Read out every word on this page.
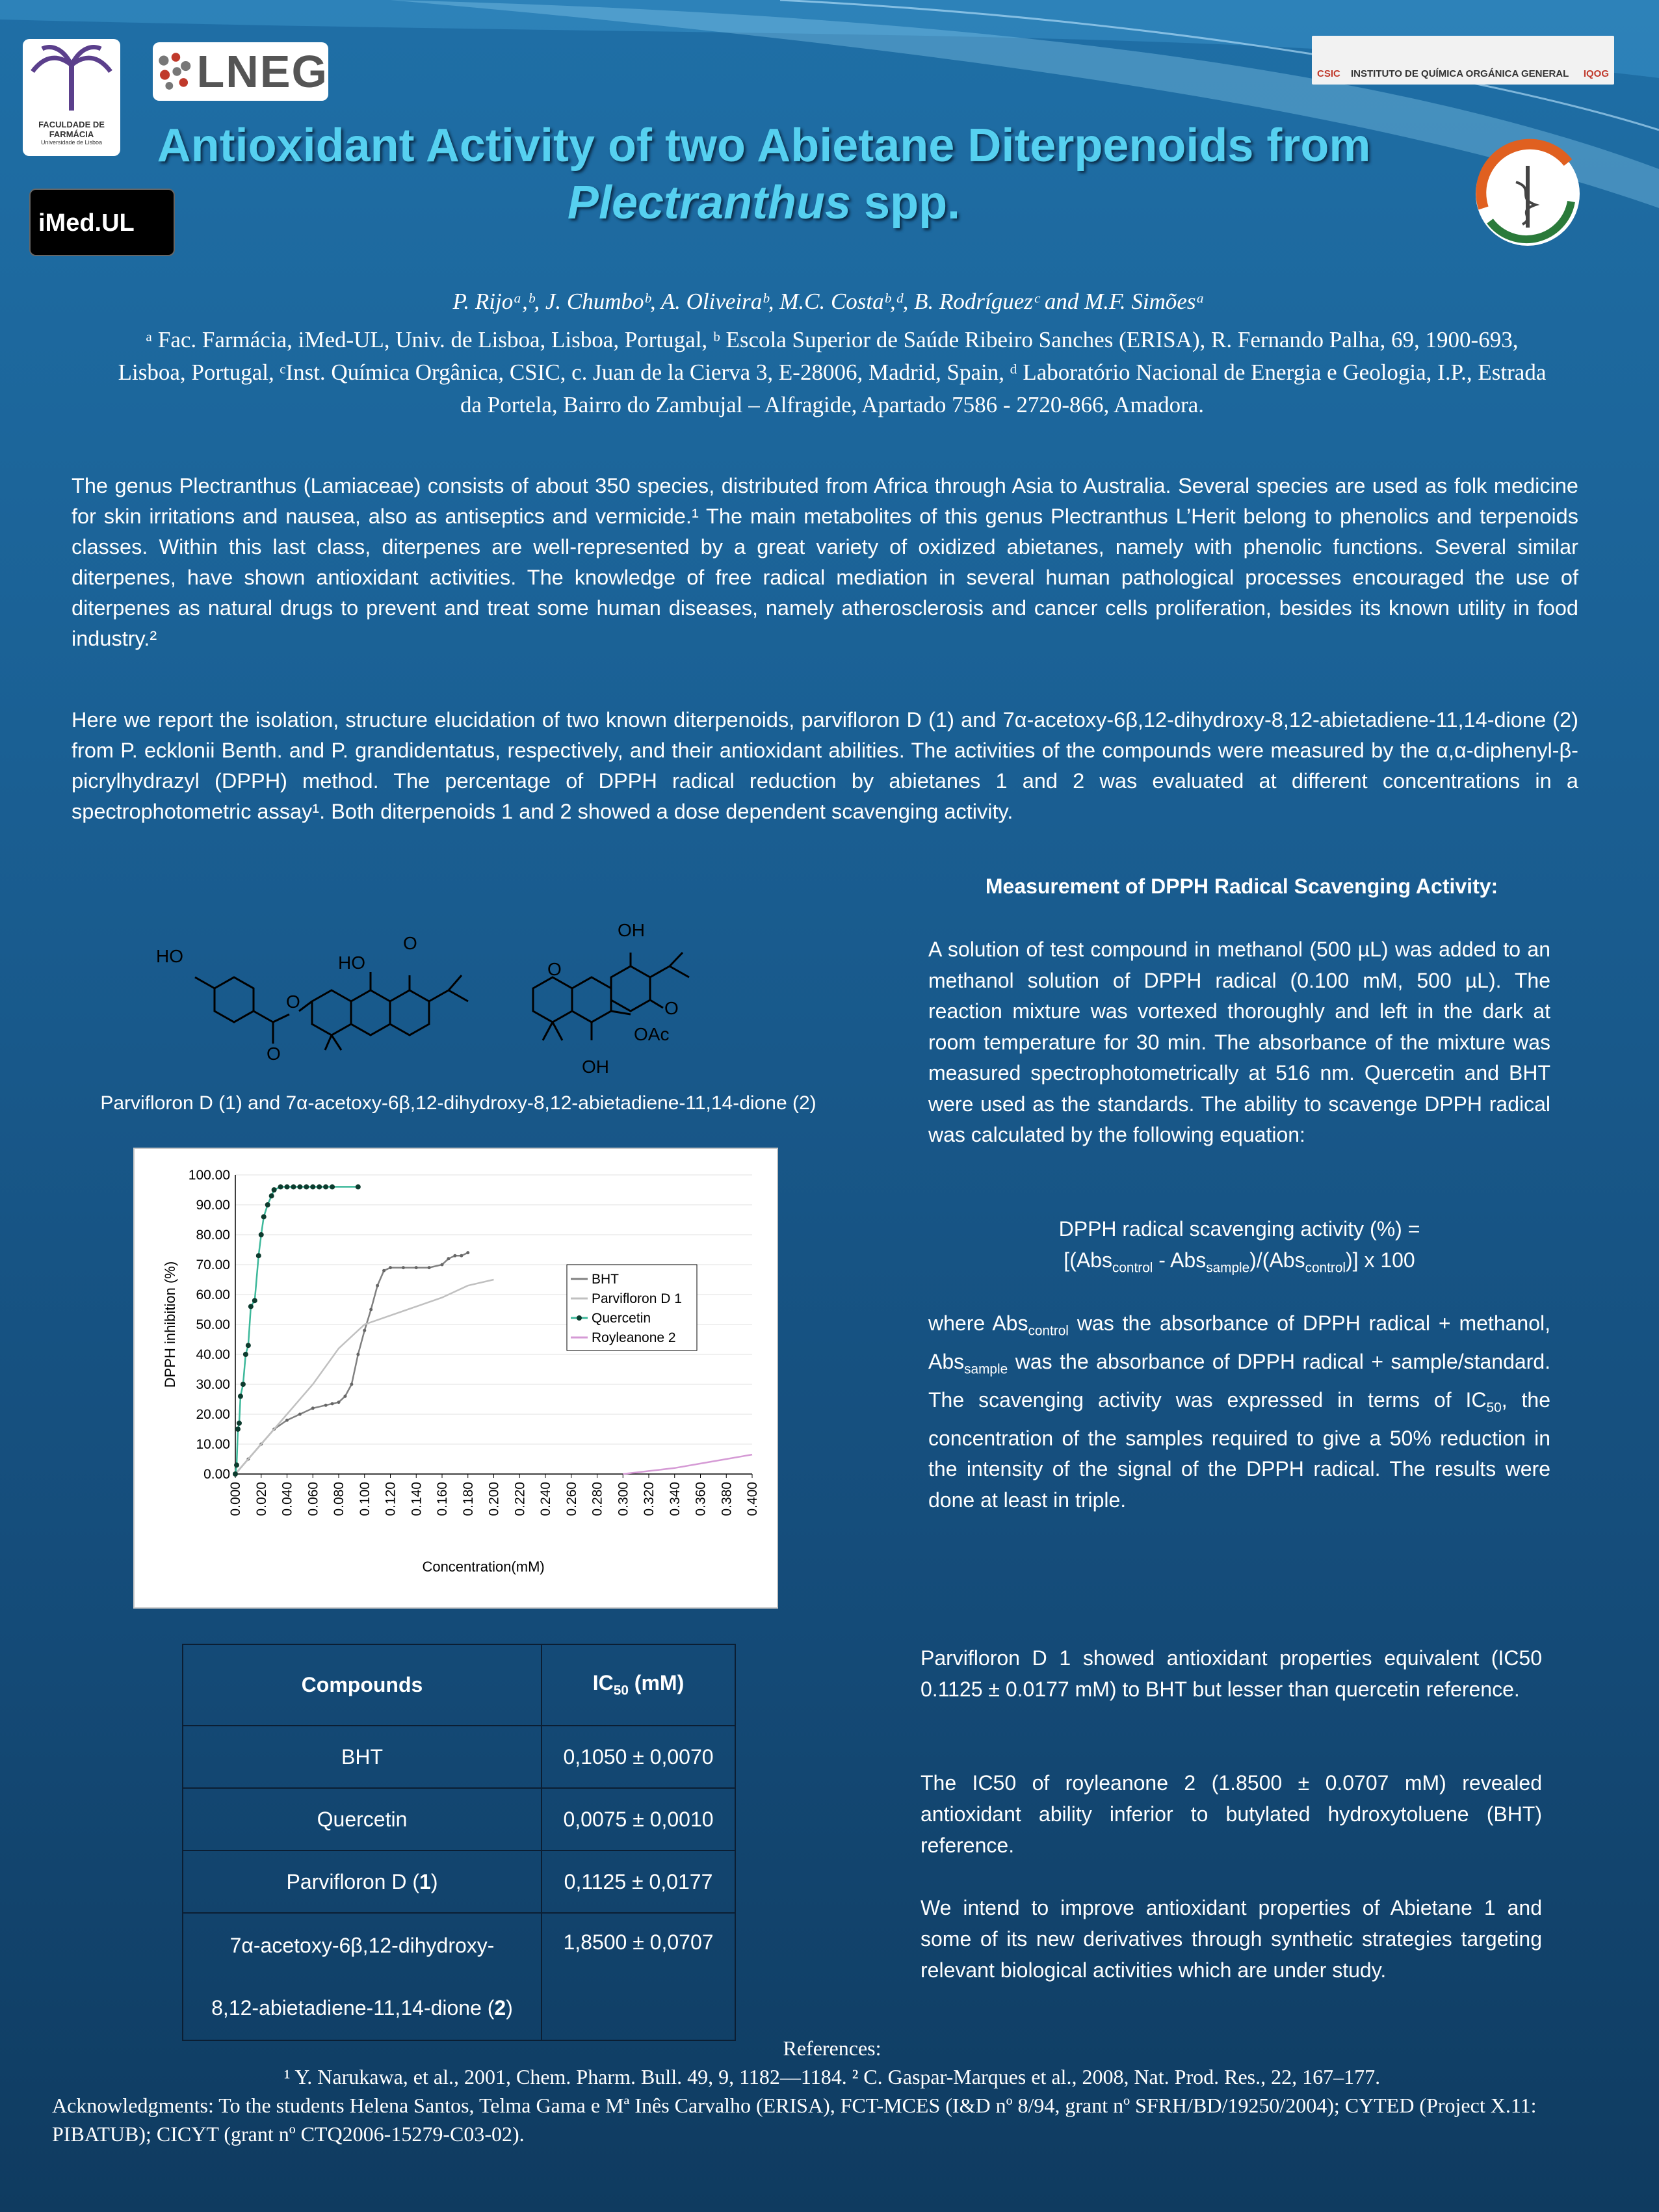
FACULDADE DE FARMÁCIA
Universidade de Lisboa
LNEG
iMed.UL
CSIC INSTITUTO DE QUÍMICA ORGÁNICA GENERAL IQOG
Antioxidant Activity of two Abietane Diterpenoids from
Plectranthus spp.
P. Rijoᵃ,ᵇ, J. Chumboᵇ, A. Oliveiraᵇ, M.C. Costaᵇ,ᵈ, B. Rodríguezᶜ and M.F. Simõesᵃ
ᵃ Fac. Farmácia, iMed-UL, Univ. de Lisboa, Lisboa, Portugal, ᵇ Escola Superior de Saúde Ribeiro Sanches (ERISA), R. Fernando Palha, 69, 1900-693, Lisboa, Portugal, ᶜInst. Química Orgânica, CSIC, c. Juan de la Cierva 3, E-28006, Madrid, Spain, ᵈ Laboratório Nacional de Energia e Geologia, I.P., Estrada da Portela, Bairro do Zambujal – Alfragide, Apartado 7586 - 2720-866, Amadora.
The genus Plectranthus (Lamiaceae) consists of about 350 species, distributed from Africa through Asia to Australia. Several species are used as folk medicine for skin irritations and nausea, also as antiseptics and vermicide.¹ The main metabolites of this genus Plectranthus L’Herit belong to phenolics and terpenoids classes. Within this last class, diterpenes are well-represented by a great variety of oxidized abietanes, namely with phenolic functions. Several similar diterpenes, have shown antioxidant activities. The knowledge of free radical mediation in several human pathological processes encouraged the use of diterpenes as natural drugs to prevent and treat some human diseases, namely atherosclerosis and cancer cells proliferation, besides its known utility in food industry.²
Here we report the isolation, structure elucidation of two known diterpenoids, parvifloron D (1) and 7α-acetoxy-6β,12-dihydroxy-8,12-abietadiene-11,14-dione (2) from P. ecklonii Benth. and P. grandidentatus, respectively, and their antioxidant abilities. The activities of the compounds were measured by the α,α-diphenyl-β-picrylhydrazyl (DPPH) method. The percentage of DPPH radical reduction by abietanes 1 and 2 was evaluated at different concentrations in a spectrophotometric assay¹. Both diterpenoids 1 and 2 showed a dose dependent scavenging activity.
HO	HO
O
O
O
OH
O
O
OAc
OH
Parvifloron D (1) and 7α-acetoxy-6β,12-dihydroxy-8,12-abietadiene-11,14-dione (2)
0.00
10.00
20.00
30.00
40.00
50.00
60.00
70.00
80.00
90.00
100.00
0.000 0.020 0.040 0.060 0.080 0.100 0.120 0.140 0.160 0.180 0.200 0.220 0.240 0.260 0.280 0.300 0.320 0.340 0.360 0.380 0.400
Concentration(mM)
DPPH inhibition (%)	BHT
Parvifloron D 1
Quercetin
Royleanone 2
Measurement of DPPH Radical Scavenging Activity:
A solution of test compound in methanol (500 µL) was added to an methanol solution of DPPH radical (0.100 mM, 500 µL). The reaction mixture was vortexed thoroughly and left in the dark at room temperature for 30 min. The absorbance of the mixture was measured spectrophotometrically at 516 nm. Quercetin and BHT were used as the standards. The ability to scavenge DPPH radical was calculated by the following equation:
DPPH radical scavenging activity (%) =
[(Abs$_{control}$ - Abs$_{sample}$)/(Abs$_{control}$)] x 100
where Abs$_{control}$ was the absorbance of DPPH radical + methanol, Abs$_{sample}$ was the absorbance of DPPH radical + sample/standard. The scavenging activity was expressed in terms of $IC_{50}$, the concentration of the samples required to give a 50% reduction in the intensity of the signal of the DPPH radical. The results were done at least in triple.
Compounds	$IC_{50}$ (mM)
BHT	0,1050 ± 0,0070
Quercetin	0,0075 ± 0,0010
Parvifloron D (1)	0,1125 ± 0,0177

7α-acetoxy-6β,12-dihydroxy-
8,12-abietadiene-11,14-dione (2)	1,8500 ± 0,0707
Parvifloron D 1 showed antioxidant properties equivalent (IC50 0.1125 ± 0.0177 mM) to BHT but lesser than quercetin reference.
The IC50 of royleanone 2 (1.8500 ± 0.0707 mM) revealed antioxidant ability inferior to butylated hydroxytoluene (BHT) reference.
We intend to improve antioxidant properties of Abietane 1 and some of its new derivatives through synthetic strategies targeting relevant biological activities which are under study.
References:
¹ Y. Narukawa, et al., 2001, Chem. Pharm. Bull. 49, 9, 1182—1184. ² C. Gaspar-Marques et al., 2008, Nat. Prod. Res., 22, 167–177.
Acknowledgments: To the students Helena Santos, Telma Gama e Mª Inês Carvalho (ERISA), FCT-MCES (I&D nº 8/94, grant nº SFRH/BD/19250/2004); CYTED (Project X.11: PIBATUB); CICYT (grant nº CTQ2006-15279-C03-02).
